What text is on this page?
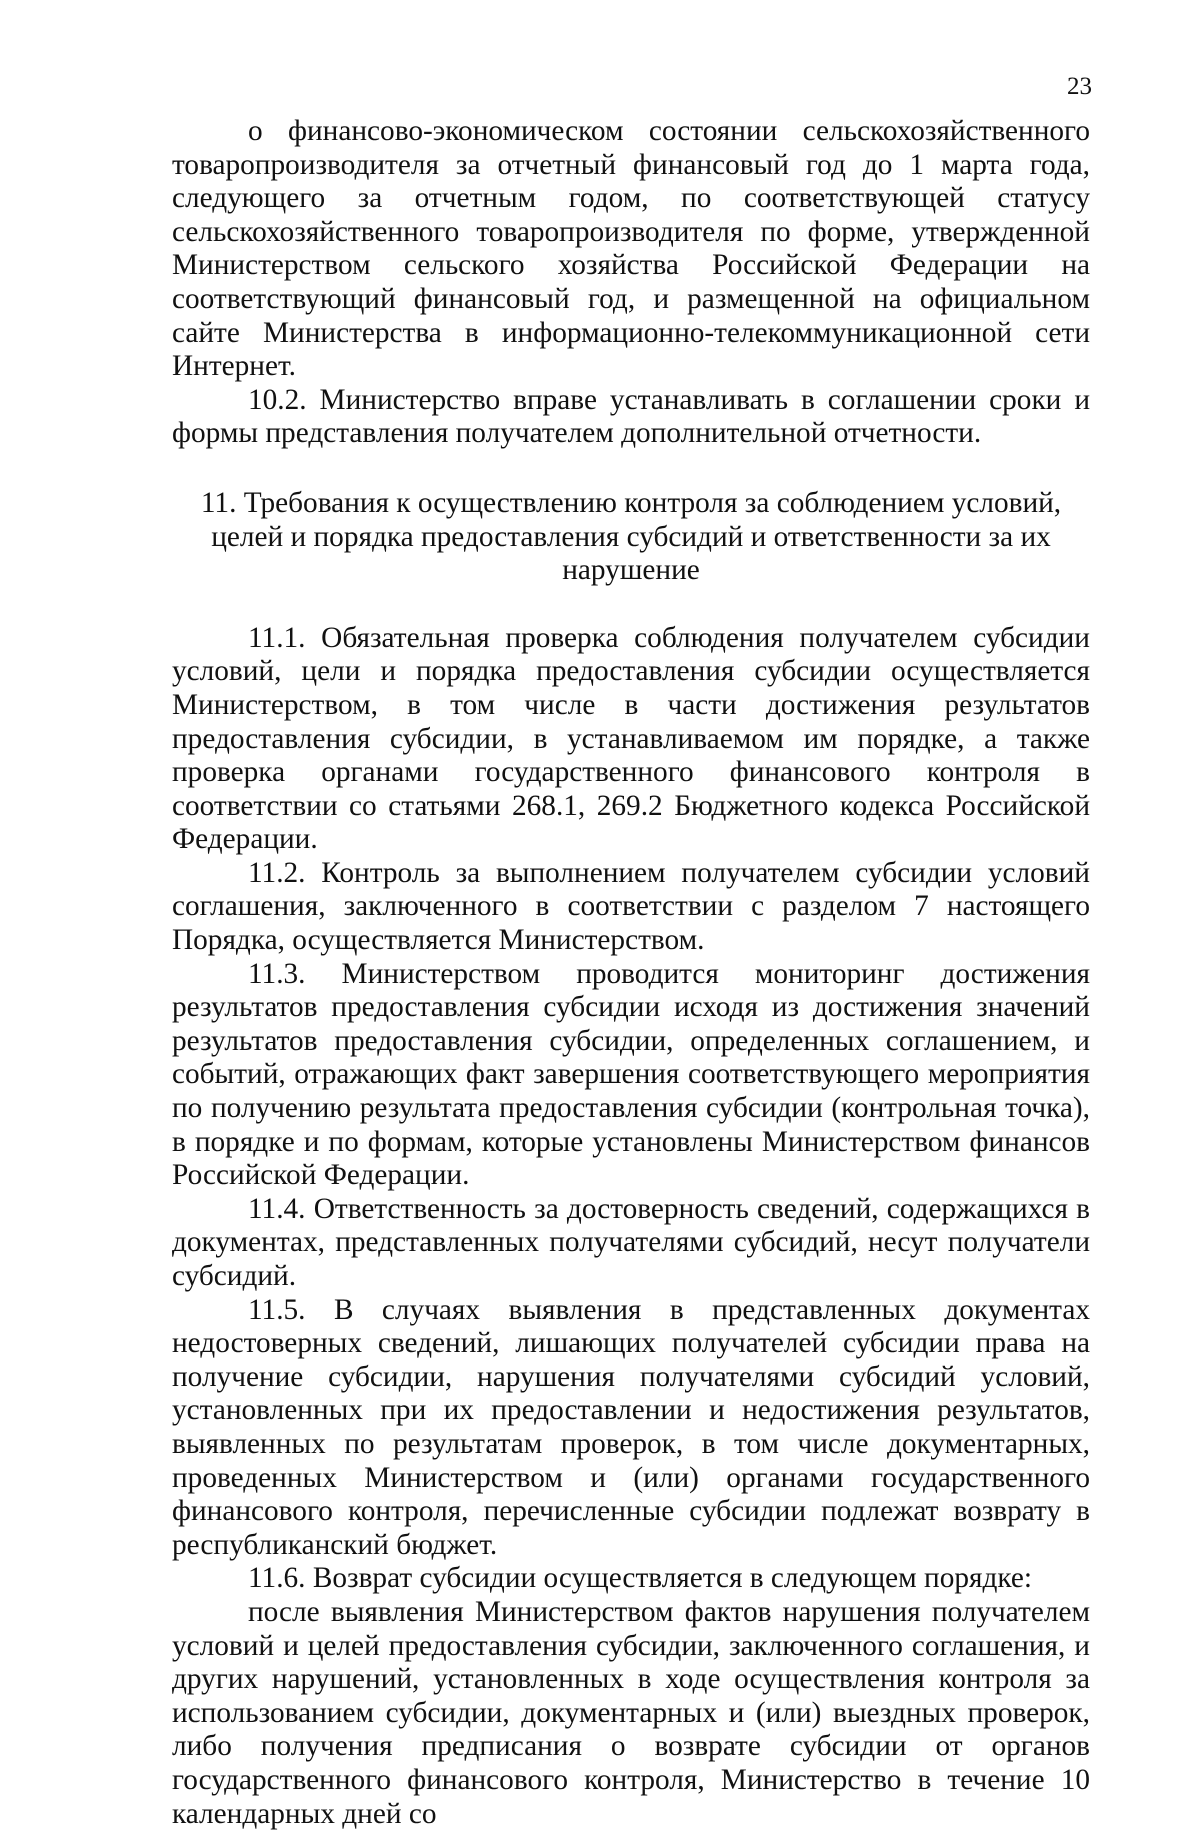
23

о финансово-экономическом состоянии сельскохозяйственного товаропроизводителя за отчетный финансовый год до 1 марта года, следующего за отчетным годом, по соответствующей статусу сельскохозяйственного товаропроизводителя по форме, утвержденной Министерством сельского хозяйства Российской Федерации на соответствующий финансовый год, и размещенной на официальном сайте Министерства в информационно-телекоммуникационной сети Интернет.

10.2. Министерство вправе устанавливать в соглашении сроки и формы представления получателем дополнительной отчетности.

11. Требования к осуществлению контроля за соблюдением условий, целей и порядка предоставления субсидий и ответственности за их нарушение

11.1. Обязательная проверка соблюдения получателем субсидии условий, цели и порядка предоставления субсидии осуществляется Министерством, в том числе в части достижения результатов предоставления субсидии, в устанавливаемом им порядке, а также проверка органами государственного финансового контроля в соответствии со статьями 268.1, 269.2 Бюджетного кодекса Российской Федерации.

11.2. Контроль за выполнением получателем субсидии условий соглашения, заключенного в соответствии с разделом 7 настоящего Порядка, осуществляется Министерством.

11.3. Министерством проводится мониторинг достижения результатов предоставления субсидии исходя из достижения значений результатов предоставления субсидии, определенных соглашением, и событий, отражающих факт завершения соответствующего мероприятия по получению результата предоставления субсидии (контрольная точка), в порядке и по формам, которые установлены Министерством финансов Российской Федерации.

11.4. Ответственность за достоверность сведений, содержащихся в документах, представленных получателями субсидий, несут получатели субсидий.

11.5. В случаях выявления в представленных документах недостоверных сведений, лишающих получателей субсидии права на получение субсидии, нарушения получателями субсидий условий, установленных при их предоставлении и недостижения результатов, выявленных по результатам проверок, в том числе документарных, проведенных Министерством и (или) органами государственного финансового контроля, перечисленные субсидии подлежат возврату в республиканский бюджет.

11.6. Возврат субсидии осуществляется в следующем порядке:

после выявления Министерством фактов нарушения получателем условий и целей предоставления субсидии, заключенного соглашения, и других нарушений, установленных в ходе осуществления контроля за использованием субсидии, документарных и (или) выездных проверок, либо получения предписания о возврате субсидии от органов государственного финансового контроля, Министерство в течение 10 календарных дней со
